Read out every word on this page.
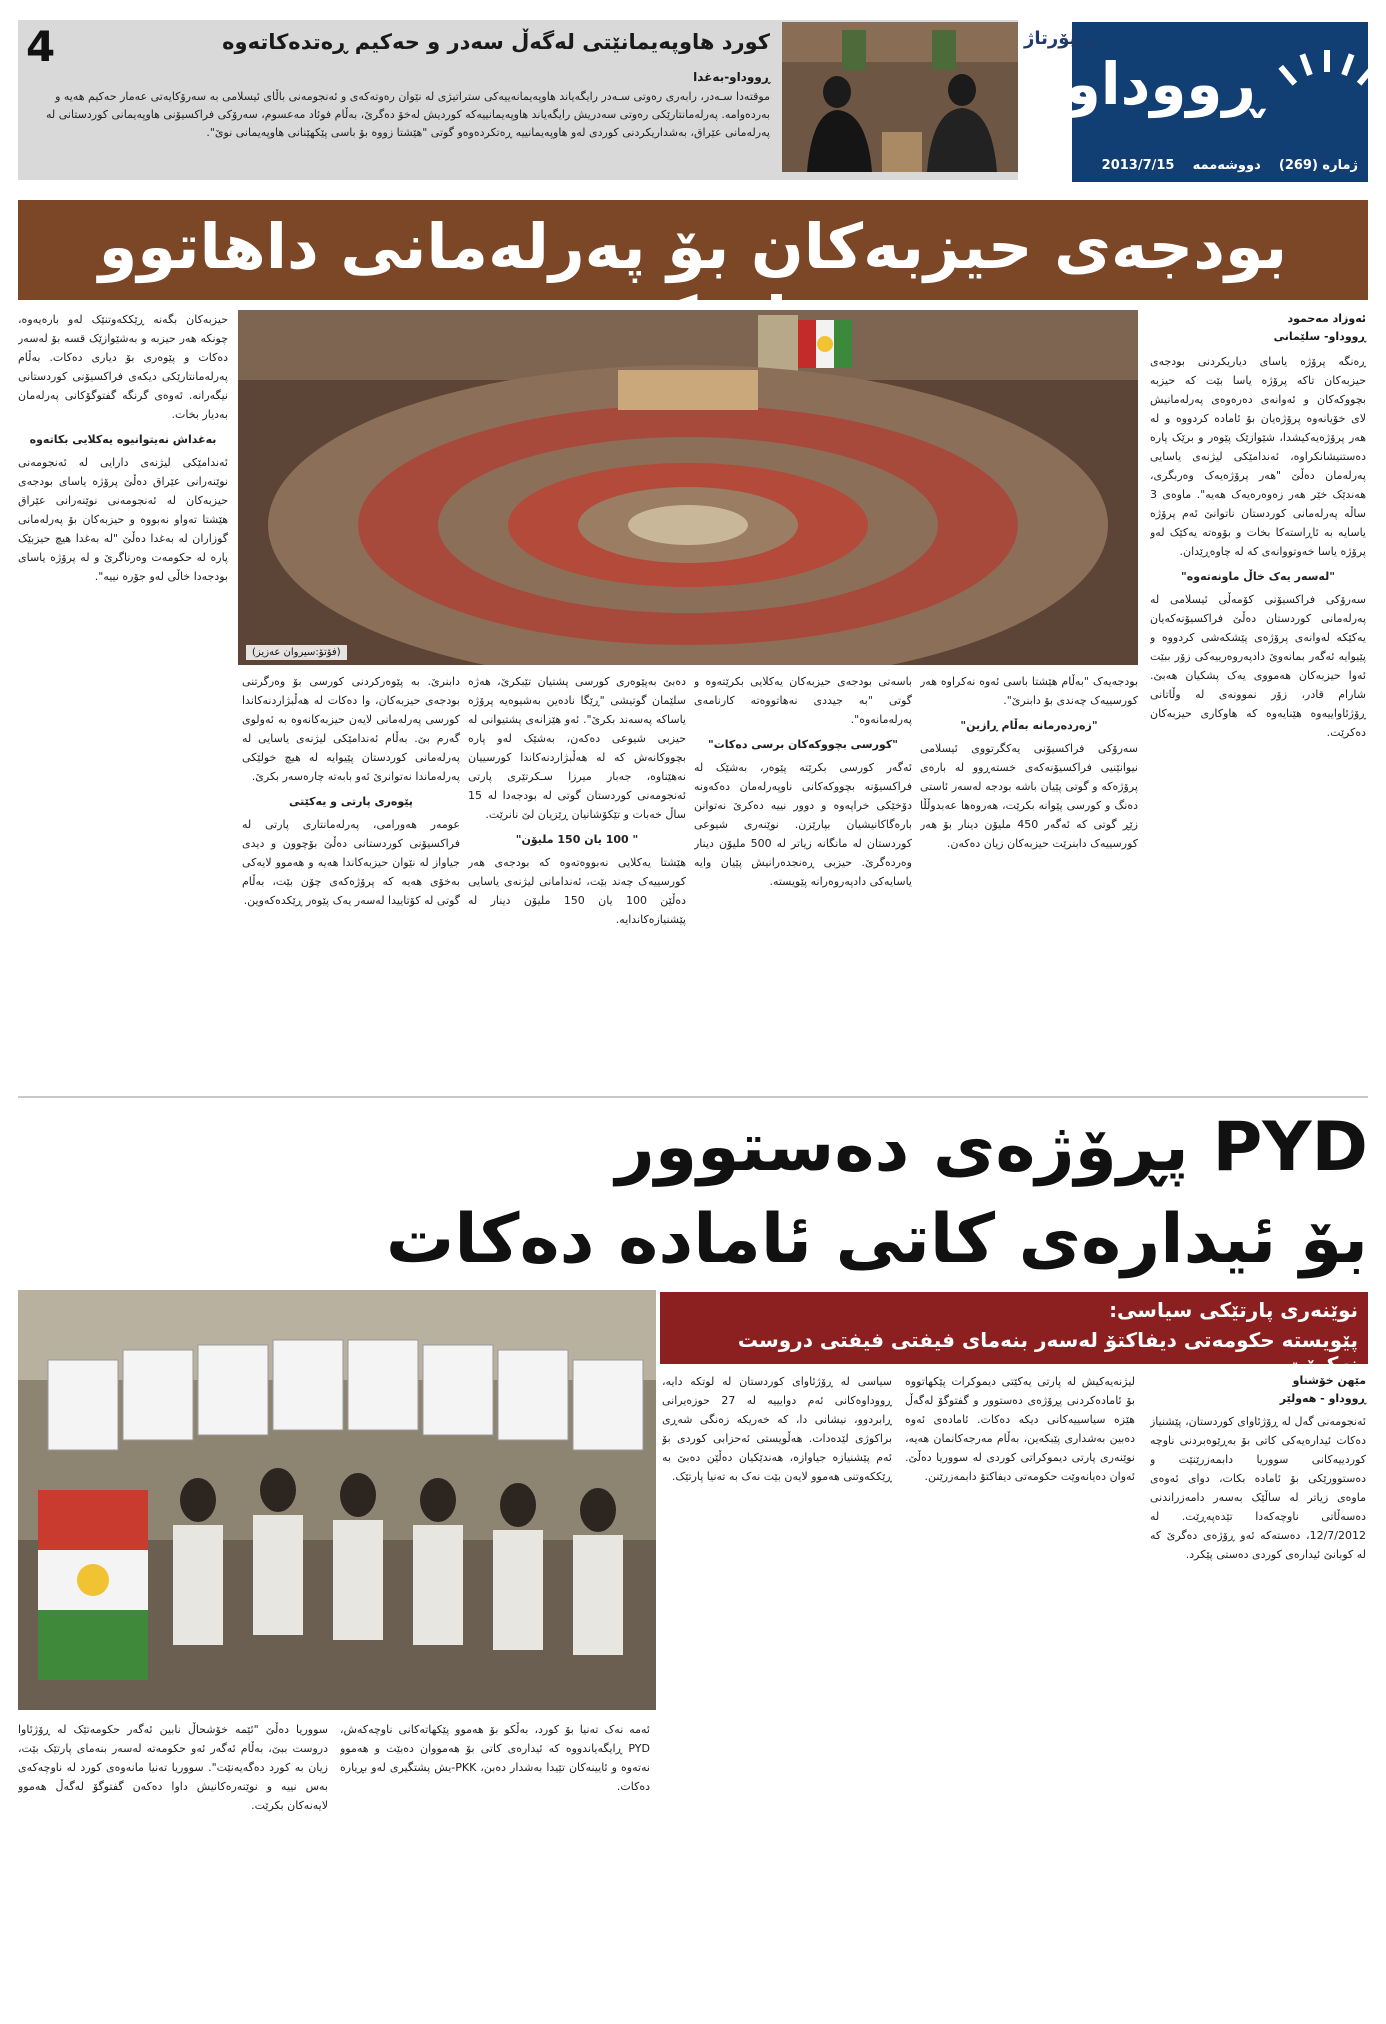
4	کورد هاوپەیمانێتی لەگەڵ سەدر و حەکیم ڕەتدەکاتەوە
ڕووداو-بەغدا
موقتەدا سـەدر، رابەری رەوتی سـەدر رایگەیاند هاوپەیمانەییەکی ستراتیژی لە نێوان رەوتەکەی و ئەنجومەنی باڵای ئیسلامی بە سەرۆکایەتی عەمار حەکیم هەیە و بەردەوامە. پەرلەمانتارێکی رەوتی سەدریش رایگەیاند هاوپەیمانییەکە کوردیش لەخۆ دەگرێ، بەڵام فوئاد مەعسوم، سەرۆکی فراکسیۆنی هاوپەیمانی کوردستانی لە پەرلەمانی عێراق، بەشداریکردنی کوردی لەو هاوپەیمانییە ڕەتکردەوەو گوتی "هێشتا زووە بۆ باسی پێکهێنانی هاوپەیمانی نوێ".
ڕیپۆرتاژ
ڕووداو
ژمارە (269)    دووشەممە    2013/7/15
بودجەی حیزبەکان بۆ پەرلەمانی داهاتوو
ئەوزاد مەحمود
ڕووداو- سلێمانی

ڕەنگە پرۆژە یاسای دیاریکردنی بودجەی حیزبەکان تاکە پرۆژە یاسا بێت کە حیزبە بچووکەکان و ئەوانەی دەرەوەی پەرلەمانیش لای خۆیانەوە پرۆژەیان بۆ ئامادە کردووە و لە هەر پرۆژەیەکیشدا، شێوازێک پێوەر و برێک پارە دەستنیشانکراوە، ئەندامێکی لیژنەی یاسایی پەرلەمان دەڵێ "هەر پرۆژەیەک وەربگری، هەندێک خێر هەر زەوەرەیەک هەیە". ماوەی 3 ساڵە پەرلەمانی کوردستان ناتوانێ ئەم پرۆژە یاسایە بە ئاڕاستەکا بخات و بۆوەتە یەکێک لەو پرۆژە یاسا خەوتووانەی کە لە چاوەڕێدان.

"لەسەر یەک خاڵ ماونەتەوە"

سەرۆکی فراکسیۆنی کۆمەڵی ئیسلامی لە پەرلەمانی کوردستان دەڵێ فراکسیۆنەکەیان یەکێکە لەوانەی پرۆژەی پێشکەشی کردووە و پێیوایە ئەگەر بمانەوێ دادپەروەرییەکی زۆر ببێت ئەوا حیزبەکان هەمووی یەک پشکیان هەبێ. شارام قادر، زۆر نموونەی لە وڵاتانی ڕۆژئاواییەوە هێنایەوە کە هاوکاری حیزبەکان دەکرێت.

(فۆتۆ:سیروان عەزیز)

حیزبەکان بگەنە ڕێککەوتنێک لەو بارەیەوە، چونکە هەر حیزبە و بەشێوازێک قسە بۆ لەسەر دەکات و پێوەری بۆ دیاری دەکات. بەڵام پەرلەمانتارێکی دیکەی فراکسیۆنی کوردستانی نیگەرانە. ئەوەی گرنگە گفتوگۆکانی پەرلەمان بەدیار بخات.

بەغداش نەیتوانیوە یەکلایی بکاتەوە

ئەندامێکی لیژنەی دارایی لە ئەنجومەنی نوێنەرانی عێراق دەڵێ پرۆژە یاسای بودجەی حیزبەکان لە ئەنجومەنی نوێنەرانی عێراق هێشتا تەواو نەبووە و حیزبەکان بۆ پەرلەمانی گوزاران لە بەغدا دەڵێ "لە بەغدا هیچ حیزبێک پارە لە حکومەت وەرناگرێ و لە پرۆژە یاسای بودجەدا خاڵی لەو جۆرە نییە".

بودجەیەک "بەڵام هێشتا باسی ئەوە نەکراوە هەر کورسییەک چەندی بۆ دابنرێ".

"زەردەرمانە بەڵام ڕازین"

سەرۆکی فراکسیۆنی یەکگرتووی ئیسلامی نیوانێنیی فراکسیۆنەکەی خستەڕوو لە بارەی پرۆژەکە و گوتی پێیان باشە بودجە لەسەر ئاستی دەنگ و کورسی پێوانە بکرێت، هەروەها عەبدوڵڵا زێڕ گوتی کە ئەگەر 450 ملیۆن دینار بۆ هەر کورسییەک دابنرێت حیزبەکان زیان دەکەن.

باسەتی بودجەی حیزبەکان یەکلایی بکرێتەوە و گوتی "بە جیددی نەهاتووەتە کارنامەی پەرلەمانەوە".

"کورسی بچووکەکان برسی دەکات"

ئەگەر کورسی بکرێتە پێوەر، بەشێک لە فراکسیۆنە بچووکەکانی ناوپەرلەمان دەکەونە دۆخێکی خراپەوە و دوور نییە دەکرێ نەتوانن بارەگاکانیشیان بپارێزن. نوێنەری شیوعی کوردستان لە مانگانە زیاتر لە 500 ملیۆن دینار وەردەگرێ. حیزبی ڕەنجدەرانیش پێیان وایە یاسایەکی دادپەروەرانە پێویستە.

دەبێ بەپێوەری کورسی پشتیان تێبکرێ، هەژە سلێمان گوتیشی "ڕێگا نادەین بەشیوەیە پرۆژە یاساکە پەسەند بکرێ". ئەو هێزانەی پشتیوانی لە حیزبی شیوعی دەکەن، بەشێک لەو پارە بچووکانەش کە لە هەڵبژاردنەکاندا کورسییان نەهێناوە، جەبار میرزا سـکرتێری پارتی ئەنجومەنی کوردستان گوتی لە بودجەدا لە 15 ساڵ خەبات و تێکۆشانیان ڕێزیان لێ نانرێت.

" 100 یان 150 ملیۆن"

هێشتا یەکلایی نەبووەتەوە کە بودجەی هەر کورسییەک چەند بێت، ئەندامانی لیژنەی یاسایی دەڵێن 100 یان 150 ملیۆن دینار لە پێشنیازەکاندایە.

دابنرێ. بە پێوەرکردنی کورسی بۆ وەرگرتنی بودجەی حیزبەکان، وا دەکات لە هەڵبژاردنەکاندا کورسی پەرلەمانی لایەن حیزبەکانەوە بە ئەولوی گەرم بێ. بەڵام ئەندامێکی لیژنەی یاسایی لە پەرلەمانی کوردستان پێیوایە لە هیچ خولێکی پەرلەماندا نەتوانرێ ئەو بابەتە چارەسەر بکرێ.

پێوەری پارتی و یەکێتی

عومەر هەورامی، پەرلەمانتاری پارتی لە فراکسیۆنی کوردستانی دەڵێ بۆچوون و دیدی جیاواز لە نێوان حیزبەکاندا هەیە و هەموو لایەکی بەخۆی هەیە کە پرۆژەکەی چۆن بێت، بەڵام گوتی لە کۆتاییدا لەسەر یەک پێوەر ڕێکدەکەوین.

PYD پڕۆژەی دەستوور
بۆ ئیدارەی کاتی ئامادە دەکات
نوێنەری پارتێکی سیاسی:
پێویستە حکومەتی دیفاکتۆ لەسەر بنەمای فیفتی فیفتی دروست نەکرێت
مێهن خۆشناو
ڕووداو - هەولێر

ئەنجومەنی گەل لە ڕۆژئاوای کوردستان، پێشنیاز دەکات ئیدارەیەکی کاتی بۆ بەڕێوەبردنی ناوچە کوردییەکانی سووریا دابمەزرێنێت و دەستوورێکی بۆ ئامادە بکات، دوای ئەوەی ماوەی زیاتر لە ساڵێک بەسەر دامەزراندنی دەسەڵاتی ناوچەکەدا تێدەپەڕێت. لە 12/7/2012، دەستەکە ئەو ڕۆژەی دەگرێ کە لە کوبانێ ئیدارەی کوردی دەستی پێکرد.

لیژنەیەکیش لە پارتی یەکێتی دیموکرات پێکهاتووە بۆ ئامادەکردنی پڕۆژەی دەستوور و گفتوگۆ لەگەڵ هێزە سیاسییەکانی دیکە دەکات. ئامادەی ئەوە دەبین بەشداری پێبکەین، بەڵام مەرجەکانمان هەیە، نوێنەری پارتی دیموکراتی کوردی لە سووریا دەڵێ. ئەوان دەیانەوێت حکومەتی دیفاکتۆ دابمەزرێنن.

سیاسی لە ڕۆژئاوای کوردستان لە لوتکە دایە، ڕووداوەکانی ئەم دوایییە لە 27 حوزەیرانی ڕابردوو، نیشانی دا، کە خەریکە زەنگی شەڕی براکوژی لێدەدات. هەڵویستی ئەحزابی کوردی بۆ ئەم پێشنیازە جیاوازە، هەندێکیان دەڵێن دەبێ بە ڕێککەوتنی هەموو لایەن بێت نەک بە تەنیا پارتێک.

ئەمە نەک تەنیا بۆ کورد، بەڵکو بۆ هەموو پێکهاتەکانی ناوچەکەش، PYD ڕایگەیاندووە کە ئیدارەی کاتی بۆ هەمووان دەبێت و هەموو نەتەوە و ئایینەکان تێیدا بەشدار دەبن، PKK-یش پشتگیری لەو بڕیارە دەکات.

سووریا دەڵێ "ئێمە خۆشحاڵ نابین ئەگەر حکومەتێک لە ڕۆژئاوا دروست ببێ، بەڵام ئەگەر ئەو حکومەتە لەسەر بنەمای پارتێک بێت، زیان بە کورد دەگەیەنێت". سووریا تەنیا مانەوەی کورد لە ناوچەکەی بەس نییە و نوێنەرەکانیش داوا دەکەن گفتوگۆ لەگەڵ هەموو لایەنەکان بکرێت.
